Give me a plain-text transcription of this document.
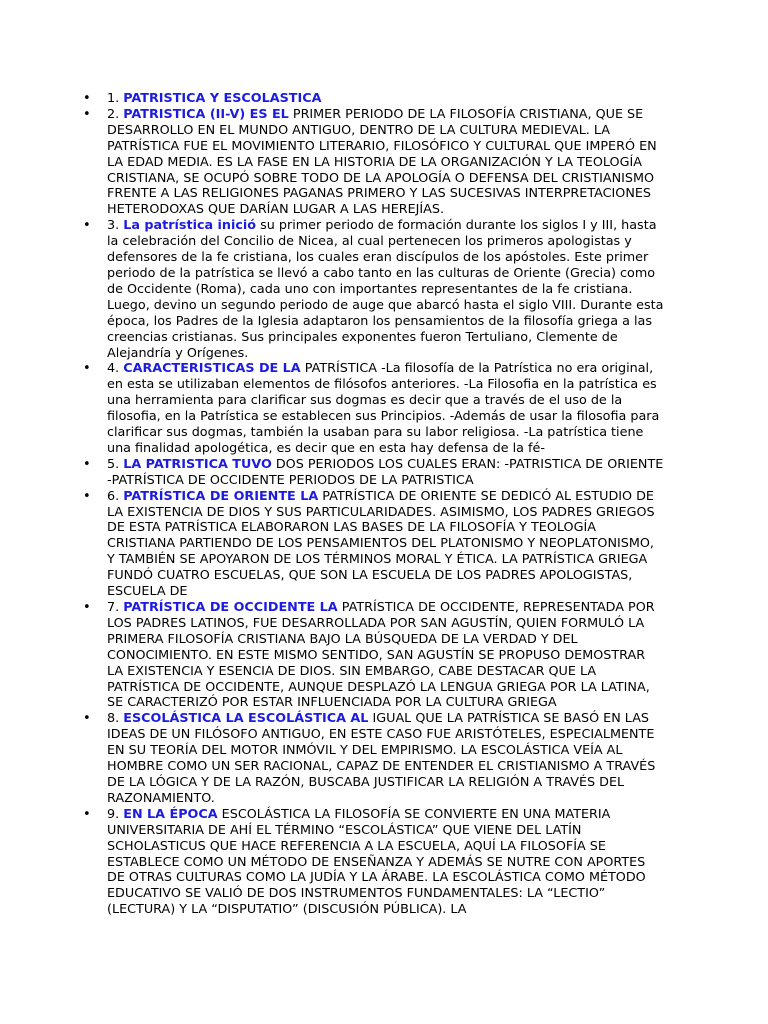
• 1. PATRISTICA Y ESCOLASTICA
• 2. PATRISTICA (II-V) ES EL PRIMER PERIODO DE LA FILOSOFÍA CRISTIANA, QUE SE DESARROLLO EN EL MUNDO ANTIGUO, DENTRO DE LA CULTURA MEDIEVAL. LA PATRÍSTICA FUE EL MOVIMIENTO LITERARIO, FILOSÓFICO Y CULTURAL QUE IMPERÓ EN LA EDAD MEDIA. ES LA FASE EN LA HISTORIA DE LA ORGANIZACIÓN Y LA TEOLOGÍA CRISTIANA, SE OCUPÓ SOBRE TODO DE LA APOLOGÍA O DEFENSA DEL CRISTIANISMO FRENTE A LAS RELIGIONES PAGANAS PRIMERO Y LAS SUCESIVAS INTERPRETACIONES HETERODOXAS QUE DARÍAN LUGAR A LAS HEREJÍAS.
• 3. La patrística inició su primer periodo de formación durante los siglos I y III, hasta la celebración del Concilio de Nicea, al cual pertenecen los primeros apologistas y defensores de la fe cristiana, los cuales eran discípulos de los apóstoles. Este primer periodo de la patrística se llevó a cabo tanto en las culturas de Oriente (Grecia) como de Occidente (Roma), cada uno con importantes representantes de la fe cristiana. Luego, devino un segundo periodo de auge que abarcó hasta el siglo VIII. Durante esta época, los Padres de la Iglesia adaptaron los pensamientos de la filosofía griega a las creencias cristianas. Sus principales exponentes fueron Tertuliano, Clemente de Alejandría y Orígenes.
• 4. CARACTERISTICAS DE LA PATRÍSTICA -La filosofía de la Patrística no era original, en esta se utilizaban elementos de filósofos anteriores. -La Filosofia en la patrística es una herramienta para clarificar sus dogmas es decir que a través de el uso de la filosofia, en la Patrística se establecen sus Principios. -Además de usar la filosofia para clarificar sus dogmas, también la usaban para su labor religiosa. -La patrística tiene una finalidad apologética, es decir que en esta hay defensa de la fé-
• 5. LA PATRISTICA TUVO DOS PERIODOS LOS CUALES ERAN: -PATRISTICA DE ORIENTE -PATRÍSTICA DE OCCIDENTE PERIODOS DE LA PATRISTICA
• 6. PATRÍSTICA DE ORIENTE LA PATRÍSTICA DE ORIENTE SE DEDICÓ AL ESTUDIO DE LA EXISTENCIA DE DIOS Y SUS PARTICULARIDADES. ASIMISMO, LOS PADRES GRIEGOS DE ESTA PATRÍSTICA ELABORARON LAS BASES DE LA FILOSOFÍA Y TEOLOGÍA CRISTIANA PARTIENDO DE LOS PENSAMIENTOS DEL PLATONISMO Y NEOPLATONISMO, Y TAMBIÉN SE APOYARON DE LOS TÉRMINOS MORAL Y ÉTICA. LA PATRÍSTICA GRIEGA FUNDÓ CUATRO ESCUELAS, QUE SON LA ESCUELA DE LOS PADRES APOLOGISTAS, ESCUELA DE
• 7. PATRÍSTICA DE OCCIDENTE LA PATRÍSTICA DE OCCIDENTE, REPRESENTADA POR LOS PADRES LATINOS, FUE DESARROLLADA POR SAN AGUSTÍN, QUIEN FORMULÓ LA PRIMERA FILOSOFÍA CRISTIANA BAJO LA BÚSQUEDA DE LA VERDAD Y DEL CONOCIMIENTO. EN ESTE MISMO SENTIDO, SAN AGUSTÍN SE PROPUSO DEMOSTRAR LA EXISTENCIA Y ESENCIA DE DIOS. SIN EMBARGO, CABE DESTACAR QUE LA PATRÍSTICA DE OCCIDENTE, AUNQUE DESPLAZÓ LA LENGUA GRIEGA POR LA LATINA, SE CARACTERIZÓ POR ESTAR INFLUENCIADA POR LA CULTURA GRIEGA
• 8. ESCOLÁSTICA LA ESCOLÁSTICA AL IGUAL QUE LA PATRÍSTICA SE BASÓ EN LAS IDEAS DE UN FILÓSOFO ANTIGUO, EN ESTE CASO FUE ARISTÓTELES, ESPECIALMENTE EN SU TEORÍA DEL MOTOR INMÓVIL Y DEL EMPIRISMO. LA ESCOLÁSTICA VEÍA AL HOMBRE COMO UN SER RACIONAL, CAPAZ DE ENTENDER EL CRISTIANISMO A TRAVÉS DE LA LÓGICA Y DE LA RAZÓN, BUSCABA JUSTIFICAR LA RELIGIÓN A TRAVÉS DEL RAZONAMIENTO.
• 9. EN LA ÉPOCA ESCOLÁSTICA LA FILOSOFÍA SE CONVIERTE EN UNA MATERIA UNIVERSITARIA DE AHÍ EL TÉRMINO “ESCOLÁSTICA” QUE VIENE DEL LATÍN SCHOLASTICUS QUE HACE REFERENCIA A LA ESCUELA, AQUÍ LA FILOSOFÍA SE ESTABLECE COMO UN MÉTODO DE ENSEÑANZA Y ADEMÁS SE NUTRE CON APORTES DE OTRAS CULTURAS COMO LA JUDÍA Y LA ÁRABE. LA ESCOLÁSTICA COMO MÉTODO EDUCATIVO SE VALIÓ DE DOS INSTRUMENTOS FUNDAMENTALES: LA “LECTIO” (LECTURA) Y LA “DISPUTATIO” (DISCUSIÓN PÚBLICA). LA
